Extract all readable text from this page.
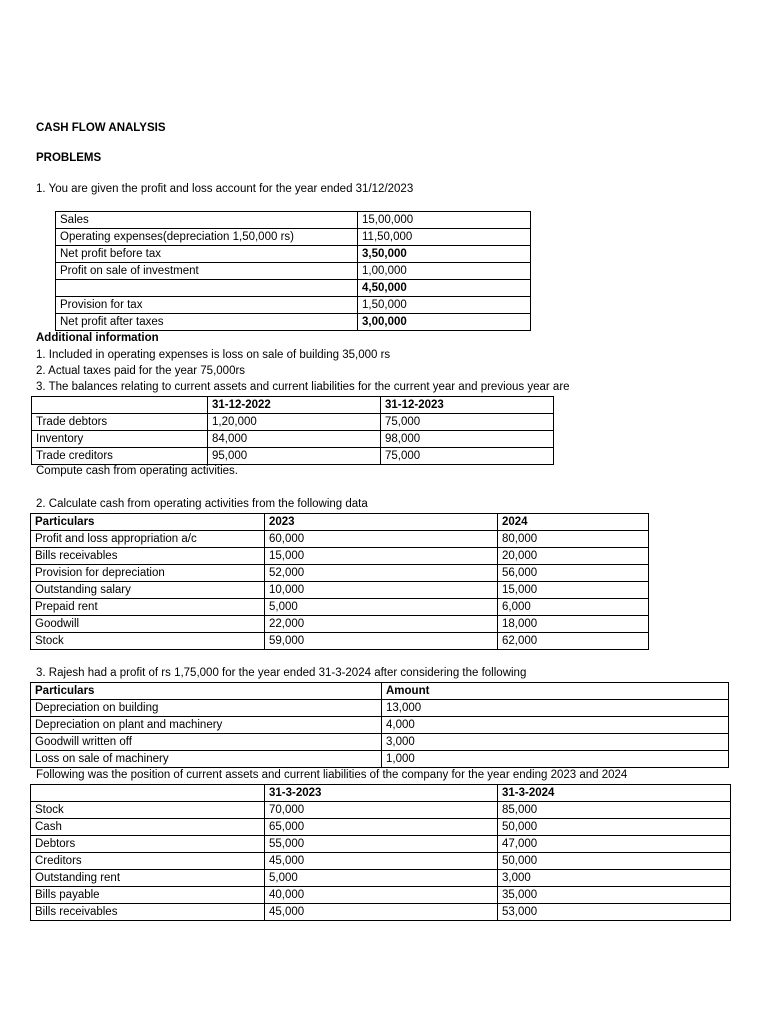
CASH FLOW ANALYSIS
PROBLEMS
1. You are given the profit and loss account for the year ended 31/12/2023
Sales	15,00,000
Operating expenses(depreciation 1,50,000 rs)	11,50,000
Net profit before tax	3,50,000
Profit on sale of investment	1,00,000
	4,50,000
Provision for tax	1,50,000
Net profit after taxes	3,00,000
Additional information
1. Included in operating expenses is loss on sale of building 35,000 rs
2. Actual taxes paid for the year 75,000rs
3. The balances relating to current assets and current liabilities for the current year and previous year are
	31-12-2022	31-12-2023
Trade debtors	1,20,000	75,000
Inventory	84,000	98,000
Trade creditors	95,000	75,000
Compute cash from operating activities.
2. Calculate cash from operating activities from the following data
Particulars	2023	2024
Profit and loss appropriation a/c	60,000	80,000
Bills receivables	15,000	20,000
Provision for depreciation	52,000	56,000
Outstanding salary	10,000	15,000
Prepaid rent	5,000	6,000
Goodwill	22,000	18,000
Stock	59,000	62,000
3. Rajesh had a profit of rs 1,75,000 for the year ended 31-3-2024 after considering the following
Particulars	Amount
Depreciation on building	13,000
Depreciation on plant and machinery	4,000
Goodwill written off	3,000
Loss on sale of machinery	1,000
Following was the position of current assets and current liabilities of the company for the year ending 2023 and 2024
	31-3-2023	31-3-2024
Stock	70,000	85,000
Cash	65,000	50,000
Debtors	55,000	47,000
Creditors	45,000	50,000
Outstanding rent	5,000	3,000
Bills payable	40,000	35,000
Bills receivables	45,000	53,000
